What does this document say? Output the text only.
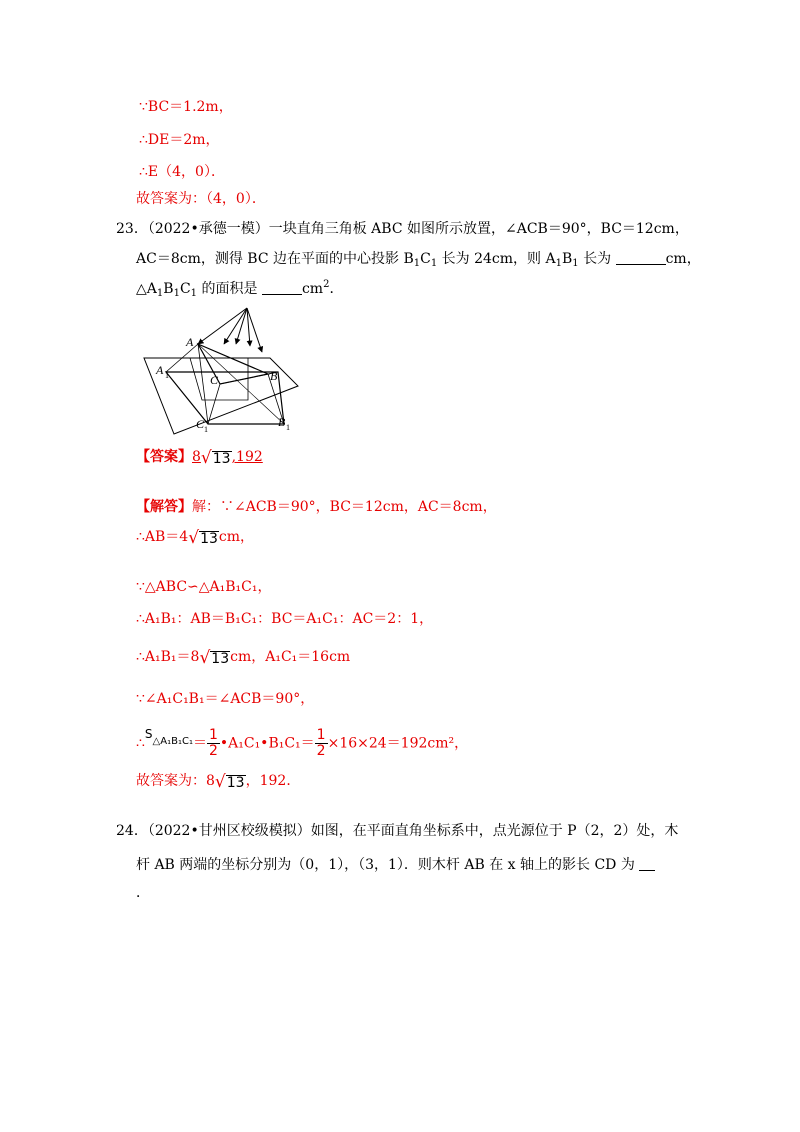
∵BC＝1.2m，
∴DE＝2m，
∴E（4，0）．
故答案为：（4，0）．
23．（2022•承德一模）一块直角三角板 ABC 如图所示放置，∠ACB＝90°，BC＝12cm，
AC＝8cm，测得 BC 边在平面的中心投影 $B_1C_1$ 长为 24cm，则 $A_1B_1$ 长为	cm，
$\triangle A_1B_1C_1$ 的面积是	$cm^2$．
A
A 1	B
B 1
C
C 1
【答案】8 √ 13 ,192
【解答】解：∵∠ACB＝90°，BC＝12cm，AC＝8cm，
∴AB＝4 √ 13 cm，
∵△ABC∽△A₁B₁C₁，
∴A₁B₁：AB＝B₁C₁：BC＝A₁C₁：AC＝2：1，
∴A₁B₁＝8 √ 13 cm，A₁C₁＝16cm
∵∠A₁C₁B₁＝∠ACB＝90°，
$\therefore S^{\triangle A_1B_1C_1}= \frac{1}{2}$ •A₁C₁•B₁C₁＝ $\frac{1}{2} \times 16\times 24=192cm^2$，
故答案为：8 √ 13 ，192．
24．（2022•甘州区校级模拟）如图，在平面直角坐标系中，点光源位于 P（2，2）处，木
杆 AB 两端的坐标分别为（0，1），（3，1）．则木杆 AB 在 x 轴上的影长 CD 为
．
